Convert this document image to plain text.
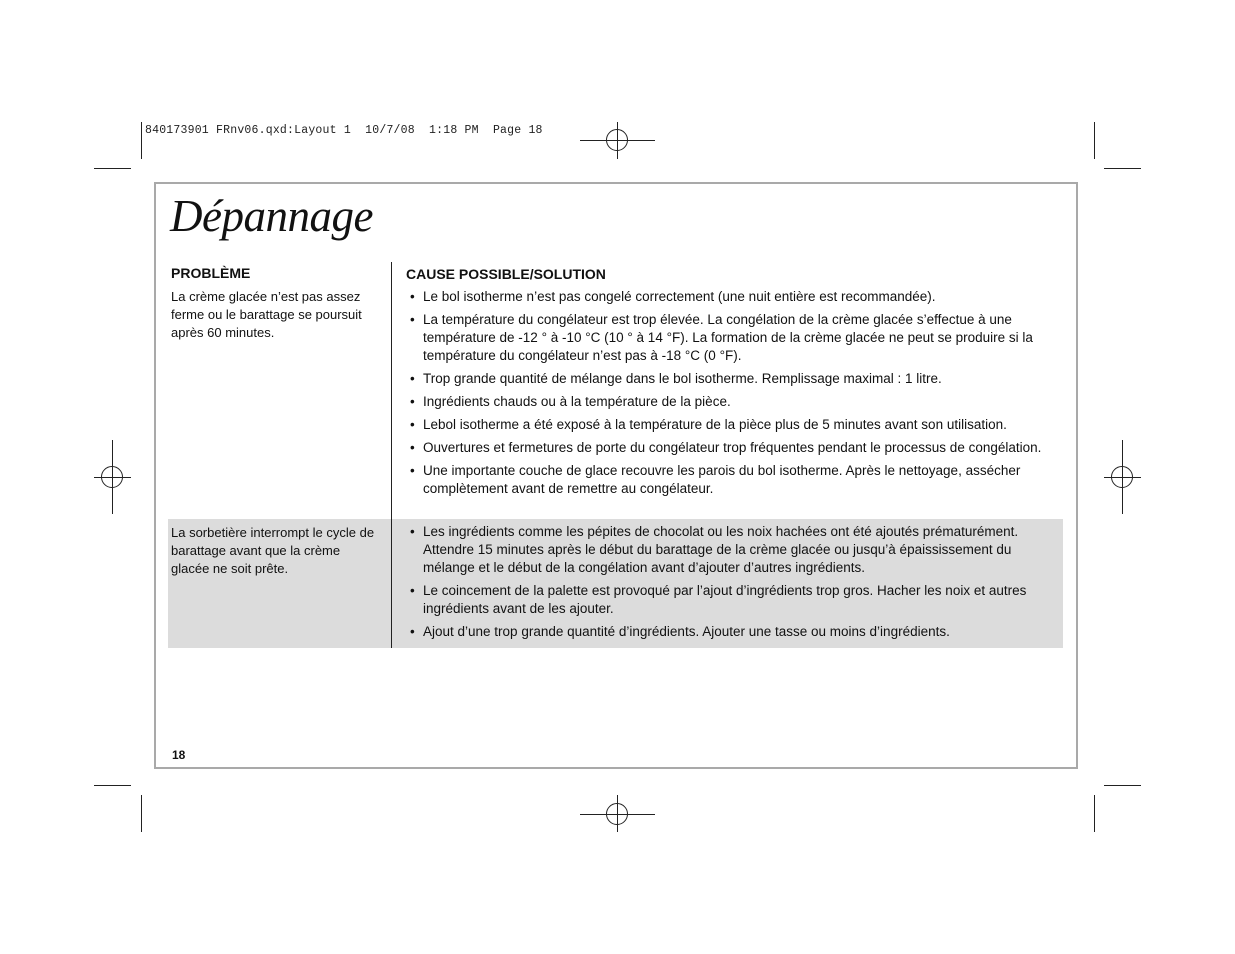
840173901 FRnv06.qxd:Layout 1  10/7/08  1:18 PM  Page 18
Dépannage
PROBLÈME	CAUSE POSSIBLE/SOLUTION
La crème glacée n’est pas assez ferme ou le barattage se poursuit après 60 minutes.
• Le bol isotherme n’est pas congelé correctement (une nuit entière est recommandée).
• La température du congélateur est trop élevée. La congélation de la crème glacée s’effectue à une température de -12 ° à -10 °C (10 ° à 14 °F). La formation de la crème glacée ne peut se produire si la température du congélateur n’est pas à -18 °C (0 °F).
• Trop grande quantité de mélange dans le bol isotherme. Remplissage maximal : 1 litre.
• Ingrédients chauds ou à la température de la pièce.
• Lebol isotherme a été exposé à la température de la pièce plus de 5 minutes avant son utilisation.
• Ouvertures et fermetures de porte du congélateur trop fréquentes pendant le processus de congélation.
• Une importante couche de glace recouvre les parois du bol isotherme. Après le nettoyage, assécher complètement avant de remettre au congélateur.
La sorbetière interrompt le cycle de barattage avant que la crème glacée ne soit prête.
• Les ingrédients comme les pépites de chocolat ou les noix hachées ont été ajoutés prématurément. Attendre 15 minutes après le début du barattage de la crème glacée ou jusqu’à épaississement du mélange et le début de la congélation avant d’ajouter d’autres ingrédients.
• Le coincement de la palette est provoqué par l’ajout d’ingrédients trop gros. Hacher les noix et autres ingrédients avant de les ajouter.
• Ajout d’une trop grande quantité d’ingrédients. Ajouter une tasse ou moins d’ingrédients.
18
